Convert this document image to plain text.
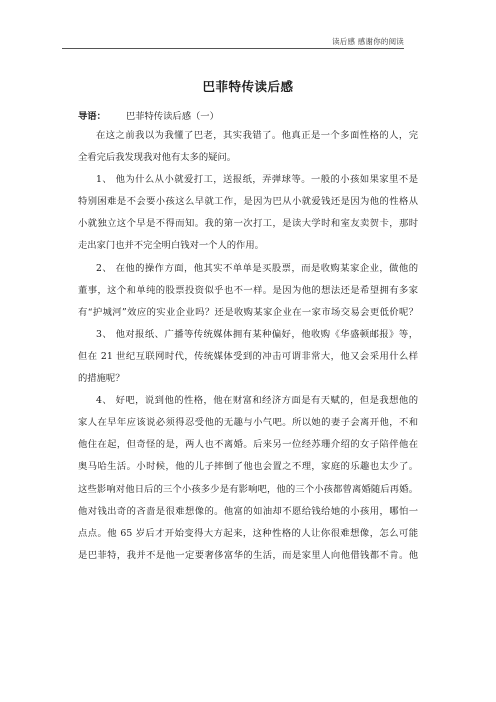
读后感 感谢你的阅读
巴菲特传读后感
导语： 巴菲特传读后感（一）
在这之前我以为我懂了巴老，其实我错了。他真正是一个多面性格的人，完
全看完后我发现我对他有太多的疑问。
1、 他为什么从小就爱打工，送报纸，弄弹球等。一般的小孩如果家里不是
特别困难是不会要小孩这么早就工作，是因为巴从小就爱钱还是因为他的性格从
小就独立这个早是不得而知。我的第一次打工，是读大学时和室友卖贺卡，那时
走出家门也并不完全明白钱对一个人的作用。
2、 在他的操作方面，他其实不单单是买股票，而是收购某家企业，做他的
董事，这个和单纯的股票投资似乎也不一样。是因为他的想法还是希望拥有多家
有“护城河”效应的实业企业吗？还是收购某家企业在一家市场交易会更低价呢？
3、 他对报纸、广播等传统媒体拥有某种偏好，他收购《华盛顿邮报》等，
但在 21 世纪互联网时代，传统媒体受到的冲击可谓非常大，他又会采用什么样
的措施呢？
4、 好吧，说到他的性格，他在财富和经济方面是有天赋的，但是我想他的
家人在早年应该说必须得忍受他的无趣与小气吧。所以她的妻子会离开他，不和
他住在起，但奇怪的是，两人也不离婚。后来另一位经苏珊介绍的女子陪伴他在
奥马哈生活。小时候，他的儿子摔倒了他也会置之不理，家庭的乐趣也太少了。
这些影响对他日后的三个小孩多少是有影响吧，他的三个小孩都曾离婚随后再婚。
他对钱出奇的吝啬是很难想像的。他富的如油却不愿给钱给她的小孩用，哪怕一
点点。他 65 岁后才开始变得大方起来，这种性格的人让你很难想像，怎么可能
是巴菲特，我并不是他一定要奢侈富华的生活，而是家里人向他借钱都不肯。他
